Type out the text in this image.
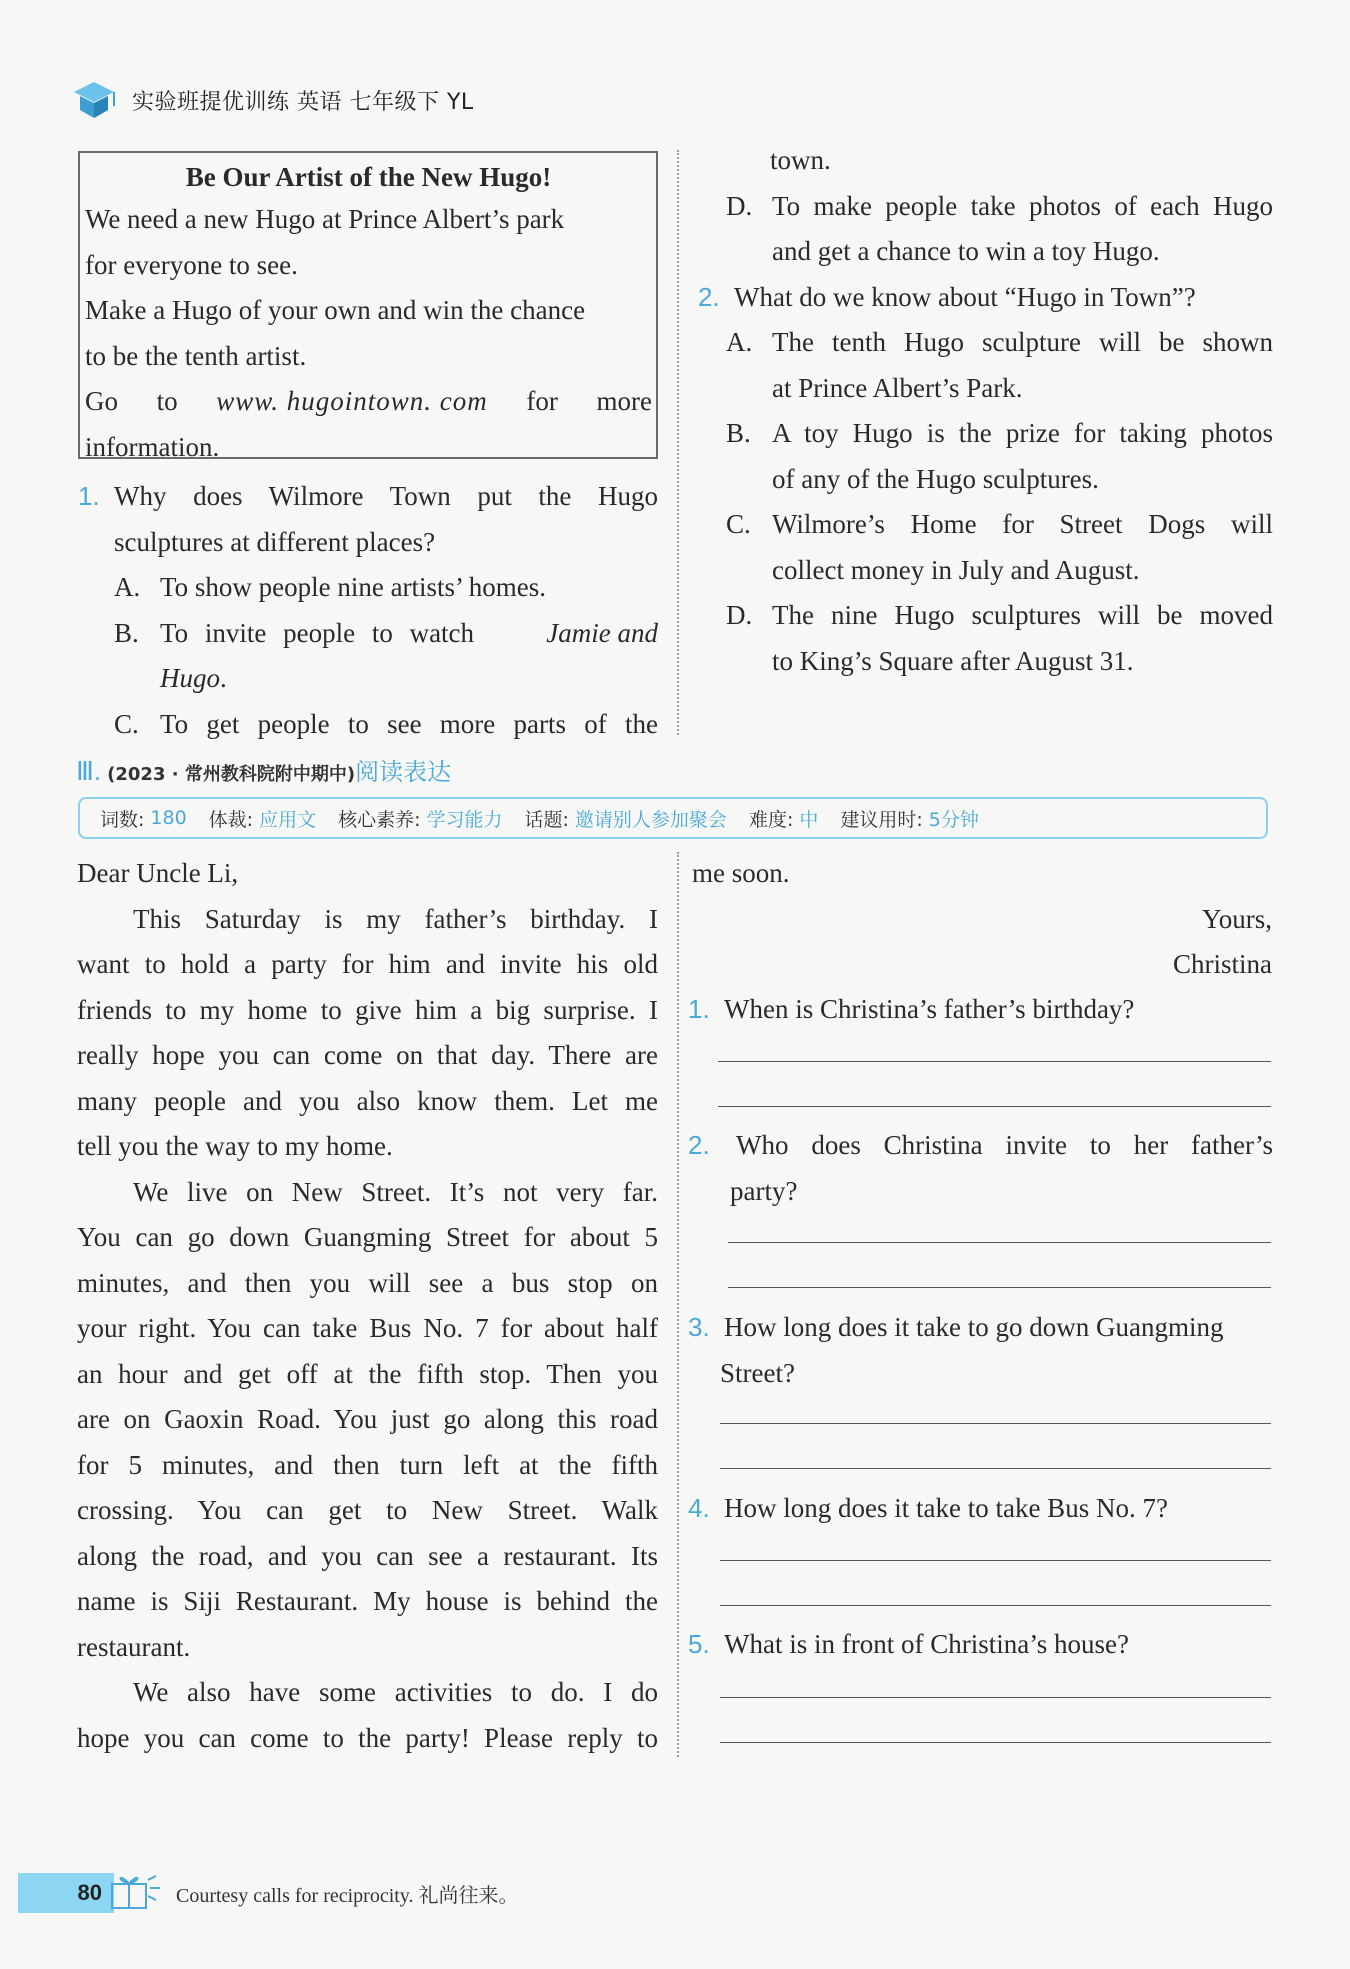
实验班提优训练 英语 七年级下 YL
Be Our Artist of the New Hugo!
We need a new Hugo at Prince Albert’s park
for everyone to see.
Make a Hugo of your own and win the chance
to be the tenth artist.
Go to www. hugointown. com for more
information.
1. Why does Wilmore Town put the Hugo
sculptures at different places?
A. To show people nine artists’ homes.
B. To invite people to watch	Jamie and
Hugo.
C. To get people to see more parts of the
town.
D. To make people take photos of each Hugo
and get a chance to win a toy Hugo.
2. What do we know about “Hugo in Town”?
A. The tenth Hugo sculpture will be shown
at Prince Albert’s Park.
B. A toy Hugo is the prize for taking photos
of any of the Hugo sculptures.
C. Wilmore’s Home for Street Dogs will
collect money in July and August.
D. The nine Hugo sculptures will be moved
to King’s Square after August 31.
Ⅲ. (2023 · 常州教科院附中期中) 阅读表达
词数: 180 体裁: 应用文 核心素养: 学习能力 话题: 邀请别人参加聚会 难度: 中 建议用时: 5分钟
Dear Uncle Li,
This Saturday is my father’s birthday. I
want to hold a party for him and invite his old
friends to my home to give him a big surprise. I
really hope you can come on that day. There are
many people and you also know them. Let me
tell you the way to my home.
We live on New Street. It’s not very far.
You can go down Guangming Street for about 5
minutes, and then you will see a bus stop on
your right. You can take Bus No. 7 for about half
an hour and get off at the fifth stop. Then you
are on Gaoxin Road. You just go along this road
for 5 minutes, and then turn left at the fifth
crossing. You can get to New Street. Walk
along the road, and you can see a restaurant. Its
name is Siji Restaurant. My house is behind the
restaurant.
We also have some activities to do. I do
hope you can come to the party! Please reply to
me soon.
Yours,
Christina
1. When is Christina’s father’s birthday?
2. Who does Christina invite to her father’s
party?
3. How long does it take to go down Guangming
Street?
4. How long does it take to take Bus No. 7?
5. What is in front of Christina’s house?
80	Courtesy calls for reciprocity. 礼尚往来。
